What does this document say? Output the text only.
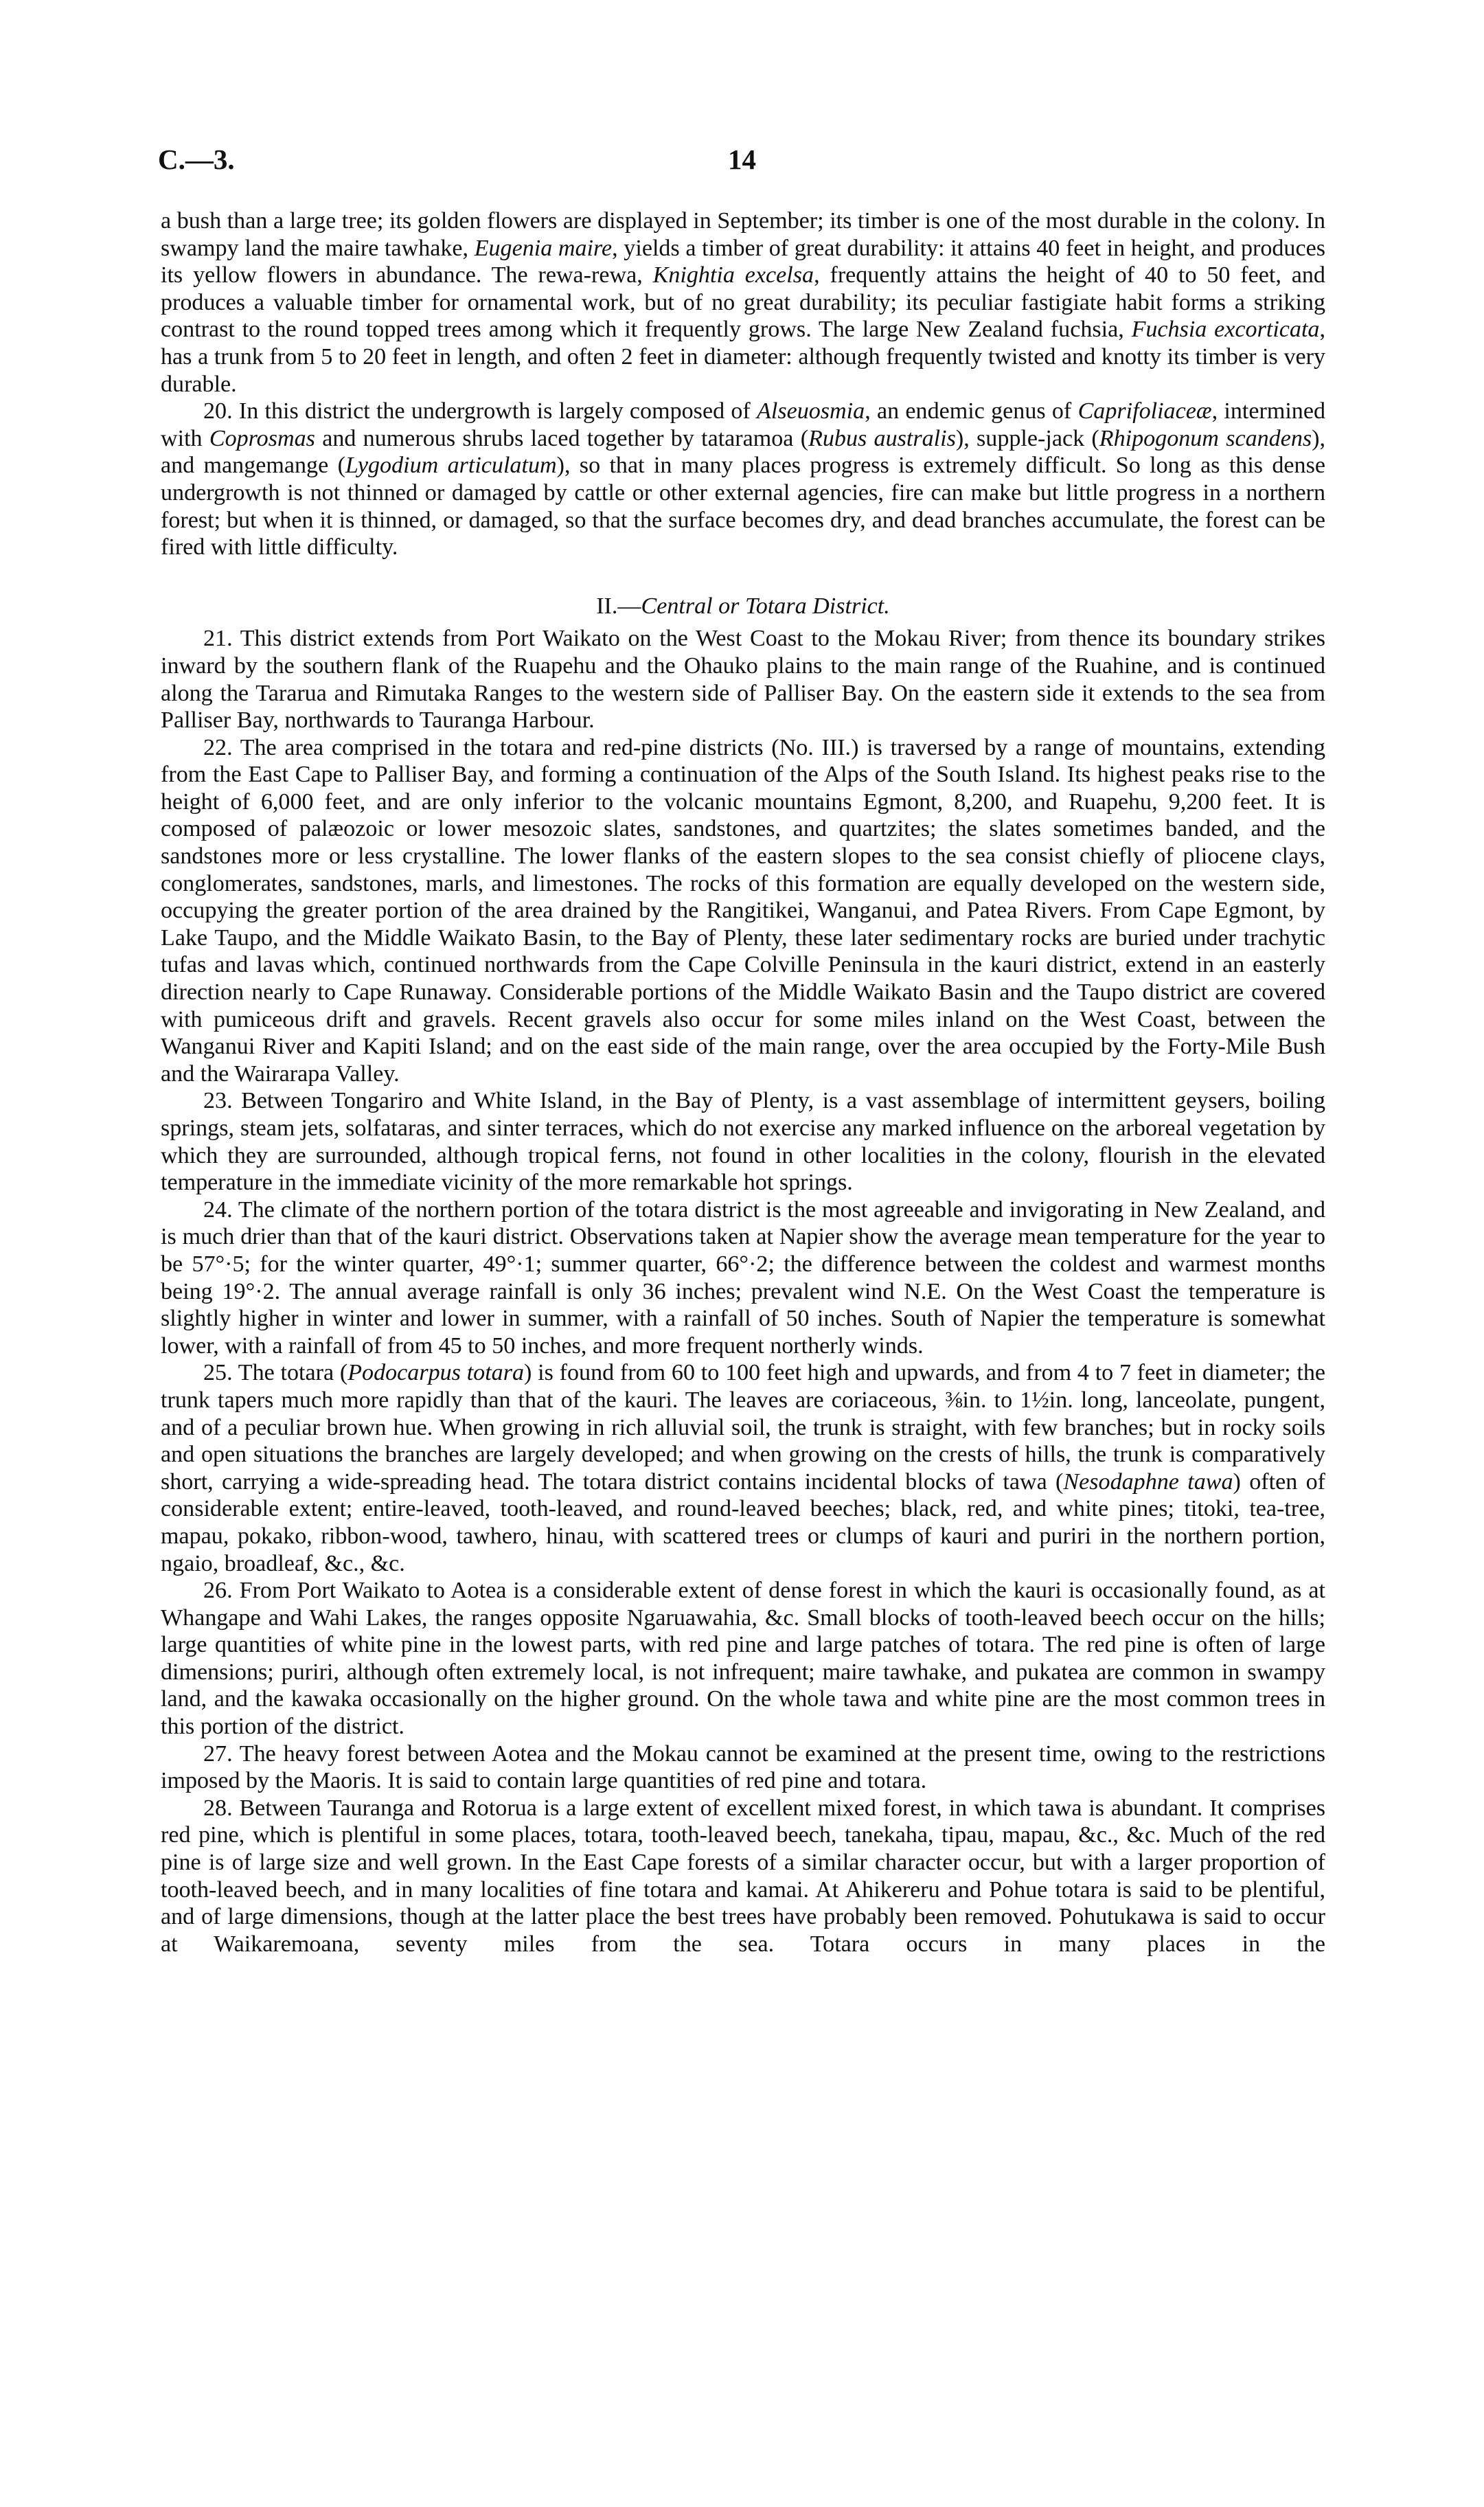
C.—3.	14

a bush than a large tree; its golden flowers are displayed in September; its timber is one of the most durable in the colony. In swampy land the maire tawhake, Eugenia maire, yields a timber of great durability: it attains 40 feet in height, and produces its yellow flowers in abundance. The rewa-rewa, Knightia excelsa, frequently attains the height of 40 to 50 feet, and produces a valuable timber for ornamental work, but of no great durability; its peculiar fastigiate habit forms a striking contrast to the round topped trees among which it frequently grows. The large New Zealand fuchsia, Fuchsia excorticata, has a trunk from 5 to 20 feet in length, and often 2 feet in diameter: although frequently twisted and knotty its timber is very durable.

20. In this district the undergrowth is largely composed of Alseuosmia, an endemic genus of Caprifoliaceæ, intermined with Coprosmas and numerous shrubs laced together by tataramoa (Rubus australis), supple-jack (Rhipogonum scandens), and mangemange (Lygodium articulatum), so that in many places progress is extremely difficult. So long as this dense undergrowth is not thinned or damaged by cattle or other external agencies, fire can make but little progress in a northern forest; but when it is thinned, or damaged, so that the surface becomes dry, and dead branches accumulate, the forest can be fired with little difficulty.

II.—Central or Totara District.

21. This district extends from Port Waikato on the West Coast to the Mokau River; from thence its boundary strikes inward by the southern flank of the Ruapehu and the Ohauko plains to the main range of the Ruahine, and is continued along the Tararua and Rimutaka Ranges to the western side of Palliser Bay. On the eastern side it extends to the sea from Palliser Bay, northwards to Tauranga Harbour.

22. The area comprised in the totara and red-pine districts (No. III.) is traversed by a range of mountains, extending from the East Cape to Palliser Bay, and forming a continuation of the Alps of the South Island. Its highest peaks rise to the height of 6,000 feet, and are only inferior to the volcanic mountains Egmont, 8,200, and Ruapehu, 9,200 feet. It is composed of palæozoic or lower mesozoic slates, sandstones, and quartzites; the slates sometimes banded, and the sandstones more or less crystalline. The lower flanks of the eastern slopes to the sea consist chiefly of pliocene clays, conglomerates, sandstones, marls, and limestones. The rocks of this formation are equally developed on the western side, occupying the greater portion of the area drained by the Rangitikei, Wanganui, and Patea Rivers. From Cape Egmont, by Lake Taupo, and the Middle Waikato Basin, to the Bay of Plenty, these later sedimentary rocks are buried under trachytic tufas and lavas which, continued northwards from the Cape Colville Peninsula in the kauri district, extend in an easterly direction nearly to Cape Runaway. Considerable portions of the Middle Waikato Basin and the Taupo district are covered with pumiceous drift and gravels. Recent gravels also occur for some miles inland on the West Coast, between the Wanganui River and Kapiti Island; and on the east side of the main range, over the area occupied by the Forty-Mile Bush and the Wairarapa Valley.

23. Between Tongariro and White Island, in the Bay of Plenty, is a vast assemblage of intermittent geysers, boiling springs, steam jets, solfataras, and sinter terraces, which do not exercise any marked influence on the arboreal vegetation by which they are surrounded, although tropical ferns, not found in other localities in the colony, flourish in the elevated temperature in the immediate vicinity of the more remarkable hot springs.

24. The climate of the northern portion of the totara district is the most agreeable and invigorating in New Zealand, and is much drier than that of the kauri district. Observations taken at Napier show the average mean temperature for the year to be 57°·5; for the winter quarter, 49°·1; summer quarter, 66°·2; the difference between the coldest and warmest months being 19°·2. The annual average rainfall is only 36 inches; prevalent wind N.E. On the West Coast the temperature is slightly higher in winter and lower in summer, with a rainfall of 50 inches. South of Napier the temperature is somewhat lower, with a rainfall of from 45 to 50 inches, and more frequent northerly winds.

25. The totara (Podocarpus totara) is found from 60 to 100 feet high and upwards, and from 4 to 7 feet in diameter; the trunk tapers much more rapidly than that of the kauri. The leaves are coriaceous, ⅜in. to 1½in. long, lanceolate, pungent, and of a peculiar brown hue. When growing in rich alluvial soil, the trunk is straight, with few branches; but in rocky soils and open situations the branches are largely developed; and when growing on the crests of hills, the trunk is comparatively short, carrying a wide-spreading head. The totara district contains incidental blocks of tawa (Nesodaphne tawa) often of considerable extent; entire-leaved, tooth-leaved, and round-leaved beeches; black, red, and white pines; titoki, tea-tree, mapau, pokako, ribbon-wood, tawhero, hinau, with scattered trees or clumps of kauri and puriri in the northern portion, ngaio, broadleaf, &c., &c.

26. From Port Waikato to Aotea is a considerable extent of dense forest in which the kauri is occasionally found, as at Whangape and Wahi Lakes, the ranges opposite Ngaruawahia, &c. Small blocks of tooth-leaved beech occur on the hills; large quantities of white pine in the lowest parts, with red pine and large patches of totara. The red pine is often of large dimensions; puriri, although often extremely local, is not infrequent; maire tawhake, and pukatea are common in swampy land, and the kawaka occasionally on the higher ground. On the whole tawa and white pine are the most common trees in this portion of the district.

27. The heavy forest between Aotea and the Mokau cannot be examined at the present time, owing to the restrictions imposed by the Maoris. It is said to contain large quantities of red pine and totara.

28. Between Tauranga and Rotorua is a large extent of excellent mixed forest, in which tawa is abundant. It comprises red pine, which is plentiful in some places, totara, tooth-leaved beech, tanekaha, tipau, mapau, &c., &c. Much of the red pine is of large size and well grown. In the East Cape forests of a similar character occur, but with a larger proportion of tooth-leaved beech, and in many localities of fine totara and kamai. At Ahikereru and Pohue totara is said to be plentiful, and of large dimensions, though at the latter place the best trees have probably been removed. Pohutukawa is said to occur at Waikaremoana, seventy miles from the sea. Totara occurs in many places in the
